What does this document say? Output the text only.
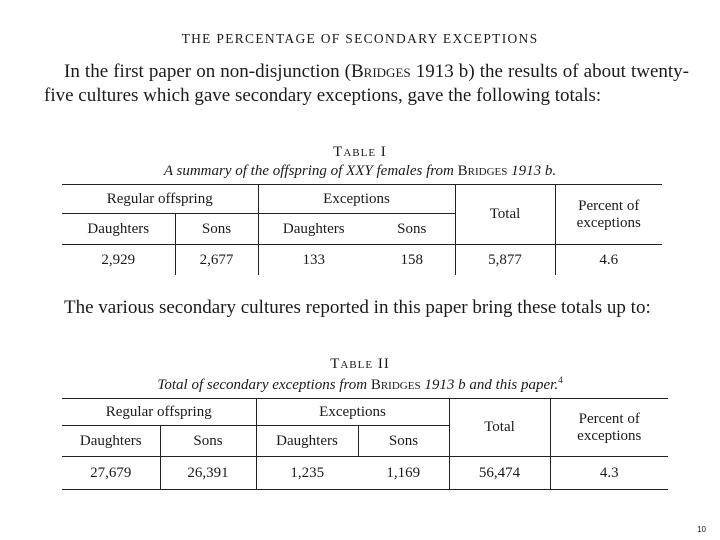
THE PERCENTAGE OF SECONDARY EXCEPTIONS
In the first paper on non-disjunction (Bridges 1913 b) the results of about twenty-five cultures which gave secondary exceptions, gave the following totals:
Table I
A summary of the offspring of XXY females from Bridges 1913 b.
Regular offspring		Exceptions		Total	Percent of exceptions
Daughters	Sons	Daughters	Sons		
2,929	2,677	133	158	5,877	4.6
The various secondary cultures reported in this paper bring these totals up to:
Table II
Total of secondary exceptions from Bridges 1913 b and this paper.$^4$
Regular offspring		Exceptions		Total	Percent of exceptions
Daughters	Sons	Daughters	Sons		
27,679	26,391	1,235	1,169	56,474	4.3
10
